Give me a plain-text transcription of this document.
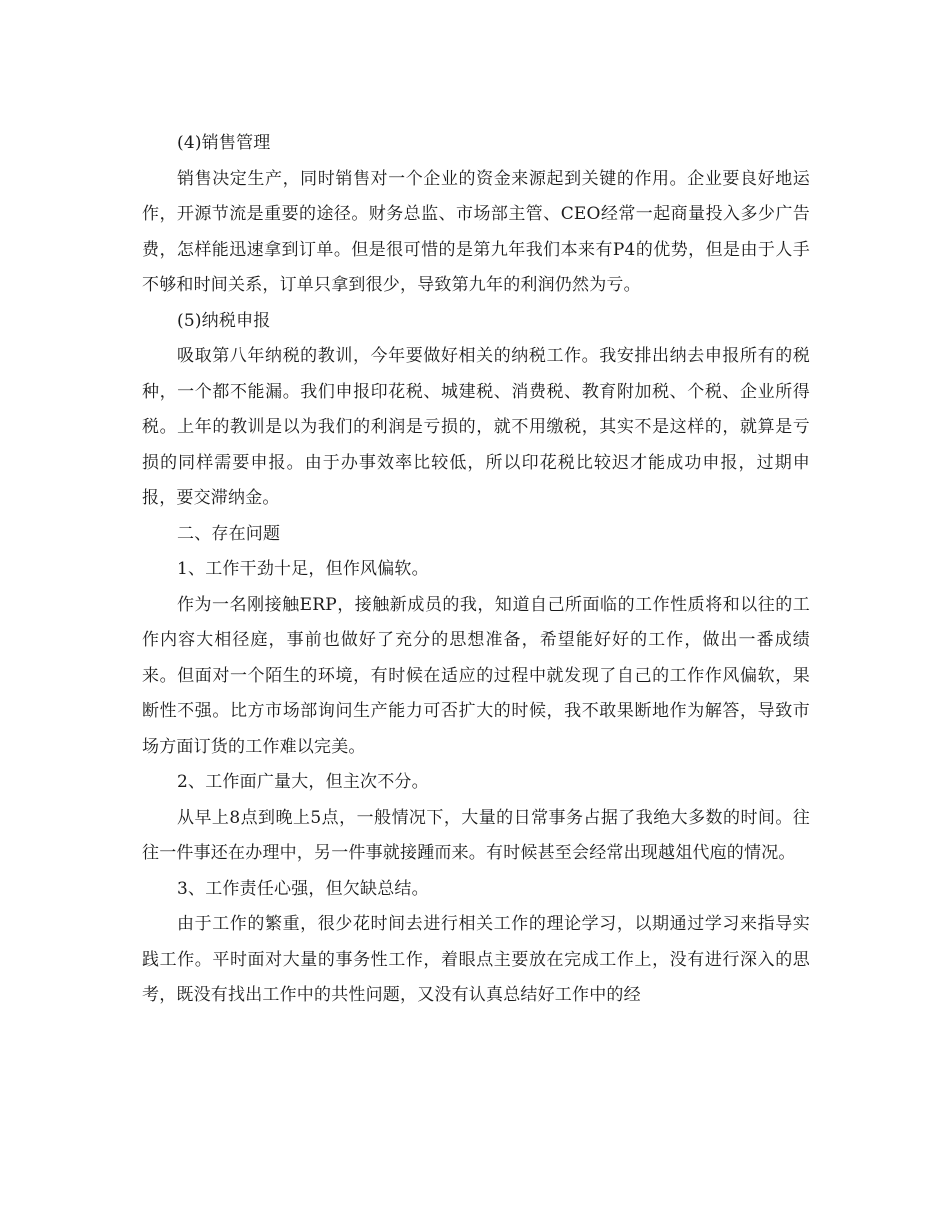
(4)销售管理

销售决定生产，同时销售对一个企业的资金来源起到关键的作用。企业要良好地运作，开源节流是重要的途径。财务总监、市场部主管、CEO经常一起商量投入多少广告费，怎样能迅速拿到订单。但是很可惜的是第九年我们本来有P4的优势，但是由于人手不够和时间关系，订单只拿到很少，导致第九年的利润仍然为亏。

(5)纳税申报

吸取第八年纳税的教训，今年要做好相关的纳税工作。我安排出纳去申报所有的税种，一个都不能漏。我们申报印花税、城建税、消费税、教育附加税、个税、企业所得税。上年的教训是以为我们的利润是亏损的，就不用缴税，其实不是这样的，就算是亏损的同样需要申报。由于办事效率比较低，所以印花税比较迟才能成功申报，过期申报，要交滞纳金。

二、存在问题

1、工作干劲十足，但作风偏软。

作为一名刚接触ERP，接触新成员的我，知道自己所面临的工作性质将和以往的工作内容大相径庭，事前也做好了充分的思想准备，希望能好好的工作，做出一番成绩来。但面对一个陌生的环境，有时候在适应的过程中就发现了自己的工作作风偏软，果断性不强。比方市场部询问生产能力可否扩大的时候，我不敢果断地作为解答，导致市场方面订货的工作难以完美。

2、工作面广量大，但主次不分。

从早上8点到晚上5点，一般情况下，大量的日常事务占据了我绝大多数的时间。往往一件事还在办理中，另一件事就接踵而来。有时候甚至会经常出现越俎代庖的情况。

3、工作责任心强，但欠缺总结。

由于工作的繁重，很少花时间去进行相关工作的理论学习，以期通过学习来指导实践工作。平时面对大量的事务性工作，着眼点主要放在完成工作上，没有进行深入的思考，既没有找出工作中的共性问题，又没有认真总结好工作中的经
